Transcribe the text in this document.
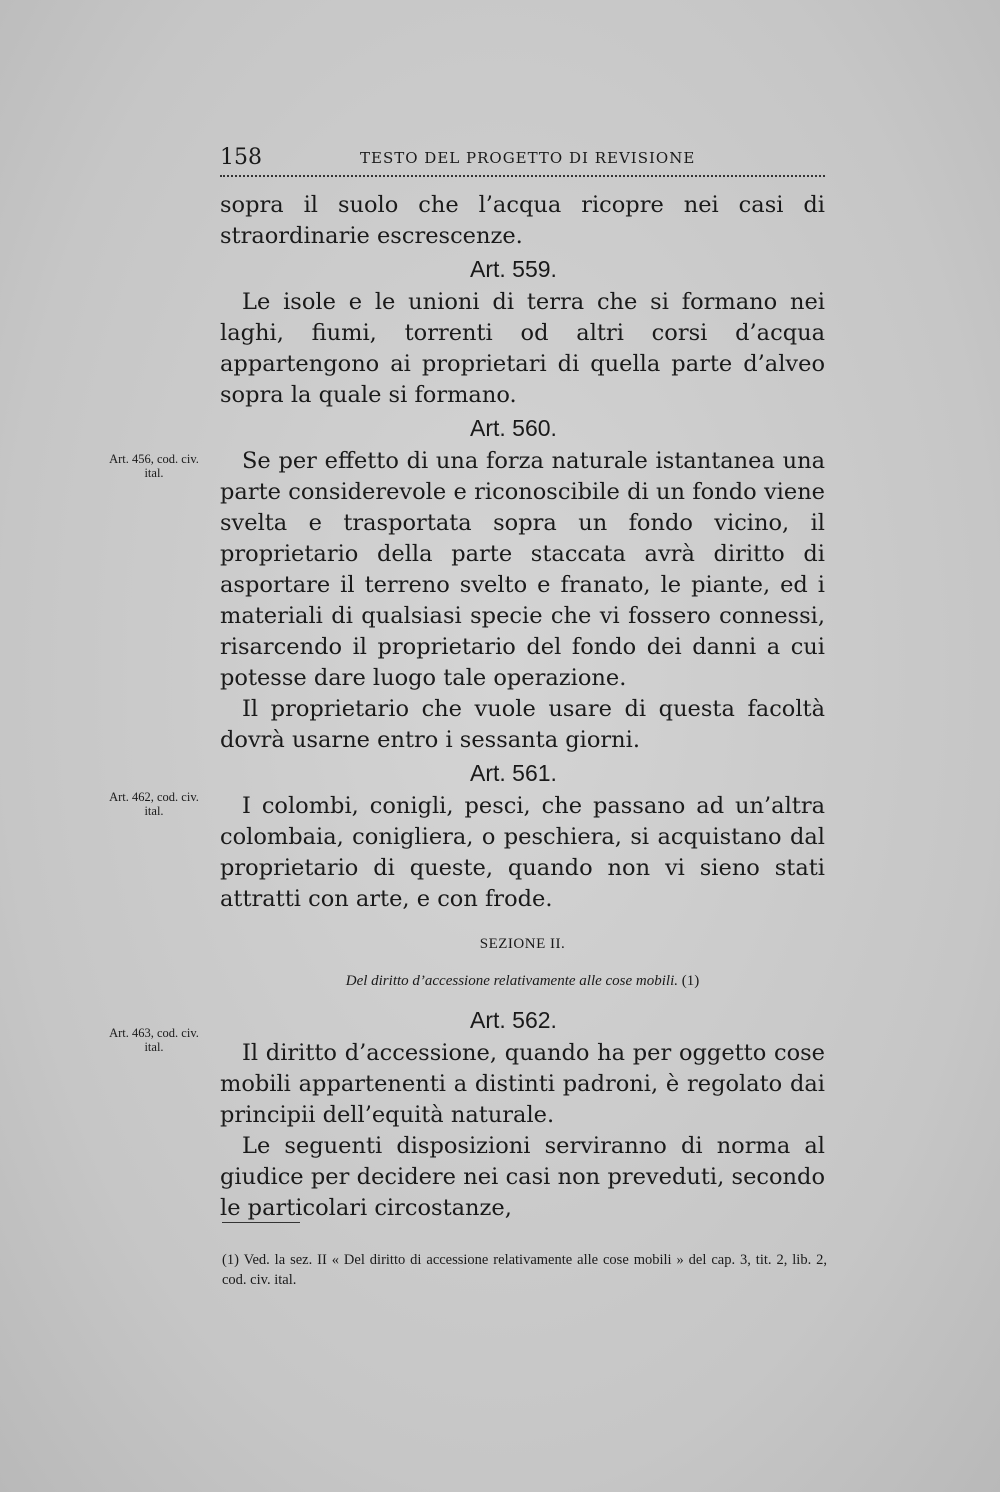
158	TESTO DEL PROGETTO DI REVISIONE
Art. 456, cod. civ. ital.
Art. 462, cod. civ. ital.
Art. 463, cod. civ. ital.

sopra il suolo che l’acqua ricopre nei casi di straordinarie escrescenze.

Art. 559.

Le isole e le unioni di terra che si formano nei laghi, fiumi, torrenti od altri corsi d’acqua appartengono ai proprietari di quella parte d’alveo sopra la quale si formano.

Art. 560.

Se per effetto di una forza naturale istantanea una parte considerevole e riconoscibile di un fondo viene svelta e trasportata sopra un fondo vicino, il proprietario della parte staccata avrà diritto di asportare il terreno svelto e franato, le piante, ed i materiali di qualsiasi specie che vi fossero connessi, risarcendo il proprietario del fondo dei danni a cui potesse dare luogo tale operazione.

Il proprietario che vuole usare di questa facoltà dovrà usarne entro i sessanta giorni.

Art. 561.

I colombi, conigli, pesci, che passano ad un’altra colombaia, conigliera, o peschiera, si acquistano dal proprietario di queste, quando non vi sieno stati attratti con arte, e con frode.

SEZIONE II.
Del diritto d’accessione relativamente alle cose mobili. (1)
Art. 562.

Il diritto d’accessione, quando ha per oggetto cose mobili appartenenti a distinti padroni, è regolato dai principii dell’equità naturale.

Le seguenti disposizioni serviranno di norma al giudice per decidere nei casi non preveduti, secondo le particolari circostanze,

(1) Ved. la sez. II « Del diritto di accessione relativamente alle cose mobili » del cap. 3, tit. 2, lib. 2, cod. civ. ital.
